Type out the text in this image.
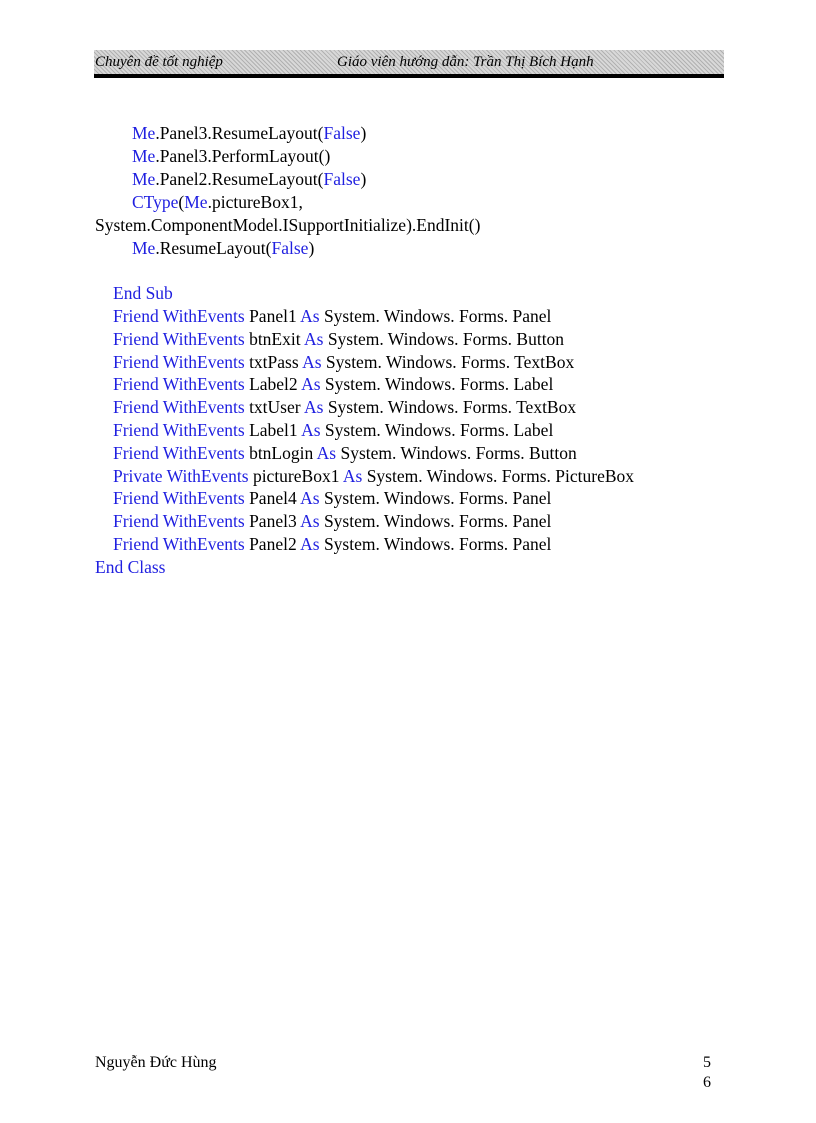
Chuyên đề tốt nghiệp	Giáo viên hướng dẫn: Trần Thị Bích Hạnh
Me.Panel3.ResumeLayout(False)
Me.Panel3.PerformLayout()
Me.Panel2.ResumeLayout(False)
CType(Me.pictureBox1,
System.ComponentModel.ISupportInitialize).EndInit()
Me.ResumeLayout(False)
End Sub
Friend WithEvents Panel1 As System. Windows. Forms. Panel
Friend WithEvents btnExit As System. Windows. Forms. Button
Friend WithEvents txtPass As System. Windows. Forms. TextBox
Friend WithEvents Label2 As System. Windows. Forms. Label
Friend WithEvents txtUser As System. Windows. Forms. TextBox
Friend WithEvents Label1 As System. Windows. Forms. Label
Friend WithEvents btnLogin As System. Windows. Forms. Button
Private WithEvents pictureBox1 As System. Windows. Forms. PictureBox
Friend WithEvents Panel4 As System. Windows. Forms. Panel
Friend WithEvents Panel3 As System. Windows. Forms. Panel
Friend WithEvents Panel2 As System. Windows. Forms. Panel
End Class
Nguyễn Đức Hùng	5
6
